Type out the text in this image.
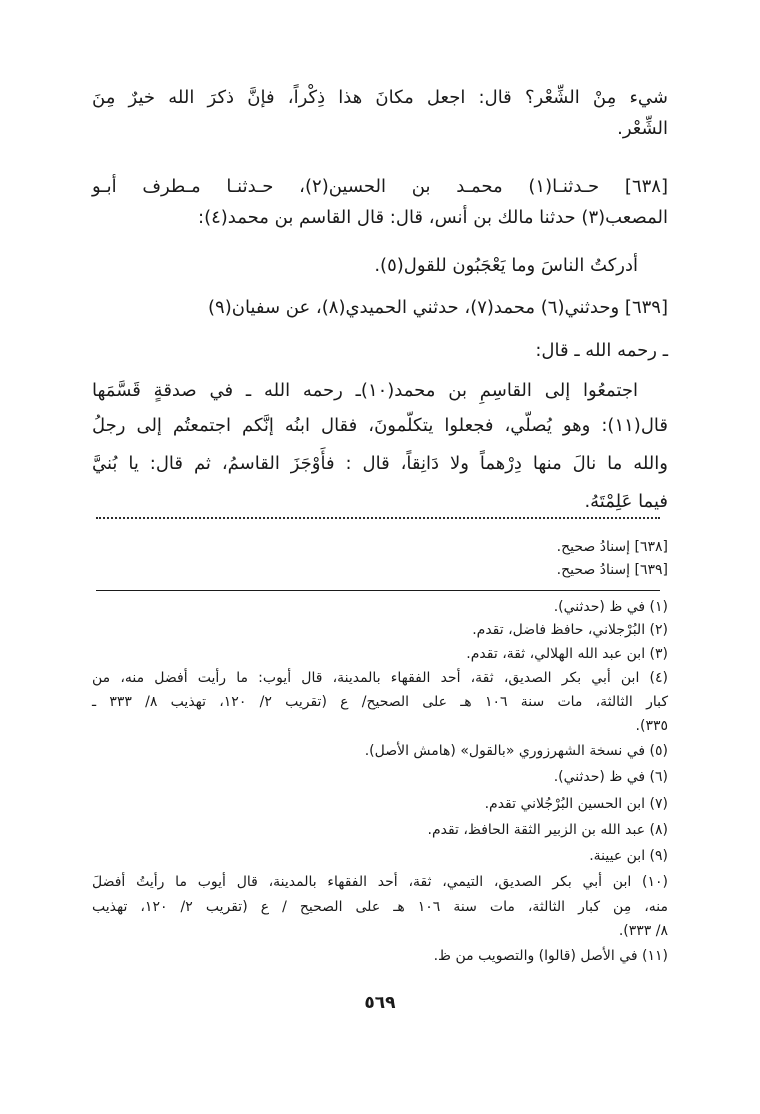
شيء مِنْ الشِّعْر؟ قال: اجعل مكانَ هذا ذِكْراً، فإنَّ ذكرَ الله خيرٌ مِنَ
الشِّعْر.
[٦٣٨] حـدثنـا(١) محمـد بن الحسين(٢)، حـدثنـا مـطرف أبـو
المصعب(٣) حدثنا مالك بن أنس، قال: قال القاسم بن محمد(٤):
أدركتُ الناسَ وما يَعْجَبُون للقول(٥).
[٦٣٩] وحدثني(٦) محمد(٧)، حدثني الحميدي(٨)، عن سفيان(٩)
ـ رحمه الله ـ قال:
اجتمعُوا إلى القاسِمِ بن محمد(١٠)ـ رحمه الله ـ في صدقةٍ قَسَّمَها
قال(١١): وهو يُصلّي، فجعلوا يتكلّمونَ، فقال ابنُه إنَّكم اجتمعتُم إلى رجلُ
والله ما نالَ منها دِرْهماً ولا دَانِقاً، قال : فأَوْجَزَ القاسمُ، ثم قال: يا بُنيَّ
فيما عَلِمْتَهُ.
[٦٣٨] إسنادُ صحيح.
[٦٣٩] إسنادُ صحيح.
(١) في ظ (حدثني).
(٢) البُرْجلاني، حافظ فاضل، تقدم.
(٣) ابن عبد الله الهلالي، ثقة، تقدم.
(٤) ابن أبي بكر الصديق، ثقة، أحد الفقهاء بالمدينة، قال أيوب: ما رأيت أفضل منه، من
كبار الثالثة، مات سنة ١٠٦ هـ على الصحيح/ ع (تقريب ٢/ ١٢٠، تهذيب ٨/ ٣٣٣ ـ
٣٣٥).
(٥) في نسخة الشهرزوري «بالقول» (هامش الأصل).
(٦) في ظ (حدثني).
(٧) ابن الحسين البُرْجُلاني تقدم.
(٨) عبد الله بن الزبير الثقة الحافظ، تقدم.
(٩) ابن عيينة.
(١٠) ابن أبي بكر الصديق، التيمي، ثقة، أحد الفقهاء بالمدينة، قال أيوب ما رأيتُ أفضلَ
منه، مِن كبار الثالثة، مات سنة ١٠٦ هـ على الصحيح / ع (تقريب ٢/ ١٢٠، تهذيب
٨/ ٣٣٣).
(١١) في الأصل (قالوا) والتصويب من ظ.
٥٦٩
